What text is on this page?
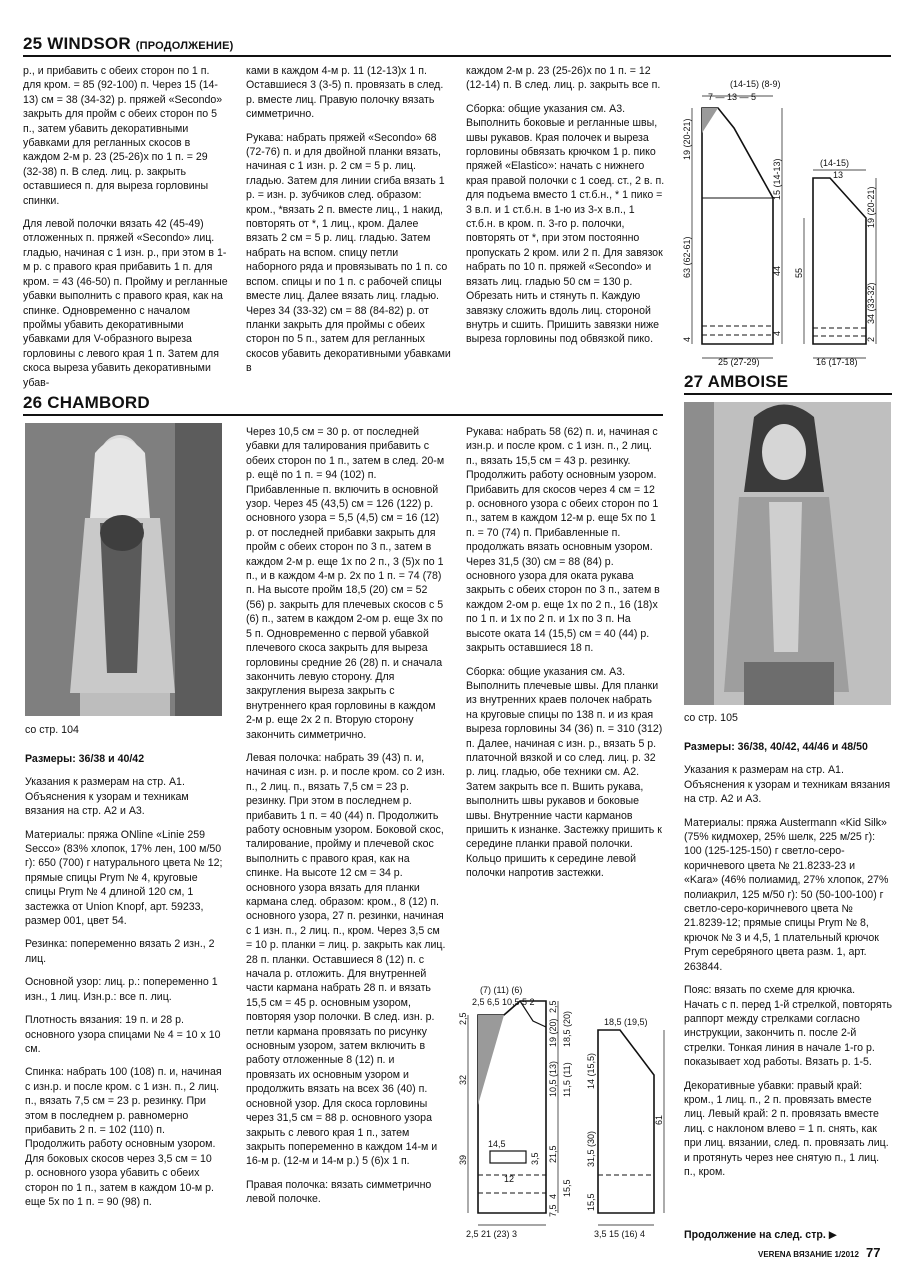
25 WINDSOR (ПРОДОЛЖЕНИЕ)

р., и прибавить с обеих сторон по 1 п. для кром. = 85 (92-100) п. Через 15 (14-13) см = 38 (34-32) р. пряжей «Secondo» закрыть для пройм с обеих сторон по 5 п., затем убавить декоративными убавками для регланных скосов в каждом 2-м р. 23 (25-26)x по 1 п. = 29 (32-38) п. В след. лиц. р. закрыть оставшиеся п. для выреза горловины спинки.

Для левой полочки вязать 42 (45-49) отложенных п. пряжей «Secondo» лиц. гладью, начиная с 1 изн. р., при этом в 1-м р. с правого края прибавить 1 п. для кром. = 43 (46-50) п. Пройму и регланные убавки выполнить с правого края, как на спинке. Одновременно с началом проймы убавить декоративными убавками для V-образного выреза горловины с левого края 1 п. Затем для скоса выреза убавить декоративными убав-

ками в каждом 4-м р. 11 (12-13)x 1 п. Оставшиеся 3 (3-5) п. провязать в след. р. вместе лиц. Правую полочку вязать симметрично.

Рукава: набрать пряжей «Secondo» 68 (72-76) п. и для двойной планки вязать, начиная с 1 изн. р. 2 см = 5 р. лиц. гладью. Затем для линии сгиба вязать 1 р. = изн. р. зубчиков след. образом: кром., *вязать 2 п. вместе лиц., 1 накид, повторять от *, 1 лиц., кром. Далее вязать 2 см = 5 р. лиц. гладью. Затем набрать на вспом. спицу петли наборного ряда и провязывать по 1 п. со вспом. спицы и по 1 п. с рабочей спицы вместе лиц. Далее вязать лиц. гладью. Через 34 (33-32) см = 88 (84-82) р. от планки закрыть для проймы с обеих сторон по 5 п., затем для регланных скосов убавить декоративными убавками в

каждом 2-м р. 23 (25-26)x по 1 п. = 12 (12-14) п. В след. лиц. р. закрыть все п.

Сборка: общие указания см. А3. Выполнить боковые и регланные швы, швы рукавов. Края полочек и выреза горловины обвязать крючком 1 р. пико пряжей «Elastico»: начать с нижнего края правой полочки с 1 соед. ст., 2 в. п. для подъема вместо 1 ст.б.н., * 1 пико = 3 в.п. и 1 ст.б.н. в 1-ю из 3-х в.п., 1 ст.б.н. в кром. п. 3-го р. полочки, повторять от *, при этом постоянно пропускать 2 кром. или 2 п. Для завязок набрать по 10 п. пряжей «Secondo» и вязать лиц. гладью 50 см = 130 р. Обрезать нить и стянуть п. Каждую завязку сложить вдоль лиц. стороной внутрь и сшить. Пришить завязки ниже выреза горловины под обвязкой пико.

(14-15) (8-9)
7 — 13 — 5
(14-15)
13
25 (27-29)	16 (17-18)
63 (62-61)
19 (20-21)
15 (14-13)
44
19 (20-21)
34 (33-32)
55
4
4
2
26 CHAMBORD
27 AMBOISE
со стр. 104

Размеры: 36/38 и 40/42

Указания к размерам на стр. А1. Объяснения к узорам и техникам вязания на стр. А2 и А3.

Материалы: пряжа ONline «Linie 259 Secco» (83% хлопок, 17% лен, 100 м/50 г): 650 (700) г натурального цвета № 12; прямые спицы Prym № 4, круговые спицы Prym № 4 длиной 120 см, 1 застежка от Union Knopf, арт. 59233, размер 001, цвет 54.

Резинка: попеременно вязать 2 изн., 2 лиц.

Основной узор: лиц. р.: попеременно 1 изн., 1 лиц. Изн.р.: все п. лиц.

Плотность вязания: 19 п. и 28 р. основного узора спицами № 4 = 10 x 10 см.

Спинка: набрать 100 (108) п. и, начиная с изн.р. и после кром. с 1 изн. п., 2 лиц. п., вязать 7,5 см = 23 р. резинку. При этом в последнем р. равномерно прибавить 2 п. = 102 (110) п. Продолжить работу основным узором. Для боковых скосов через 3,5 см = 10 р. основного узора убавить с обеих сторон по 1 п., затем в каждом 10-м р. еще 5x по 1 п. = 90 (98) п.

Через 10,5 см = 30 р. от последней убавки для талирования прибавить с обеих сторон по 1 п., затем в след. 20-м р. ещё по 1 п. = 94 (102) п. Прибавленные п. включить в основной узор. Через 45 (43,5) см = 126 (122) р. основного узора = 5,5 (4,5) см = 16 (12) р. от последней прибавки закрыть для пройм с обеих сторон по 3 п., затем в каждом 2-м р. еще 1x по 2 п., 3 (5)x по 1 п., и в каждом 4-м р. 2x по 1 п. = 74 (78) п. На высоте пройм 18,5 (20) см = 52 (56) р. закрыть для плечевых скосов с 5 (6) п., затем в каждом 2-ом р. еще 3x по 5 п. Одновременно с первой убавкой плечевого скоса закрыть для выреза горловины средние 26 (28) п. и сначала закончить левую сторону. Для закругления выреза закрыть с внутреннего края горловины в каждом 2-м р. еще 2x 2 п. Вторую сторону закончить симметрично.

Левая полочка: набрать 39 (43) п. и, начиная с изн. р. и после кром. со 2 изн. п., 2 лиц. п., вязать 7,5 см = 23 р. резинку. При этом в последнем р. прибавить 1 п. = 40 (44) п. Продолжить работу основным узором. Боковой скос, талирование, пройму и плечевой скос выполнить с правого края, как на спинке. На высоте 12 см = 34 р. основного узора вязать для планки кармана след. образом: кром., 8 (12) п. основного узора, 27 п. резинки, начиная с 1 изн. п., 2 лиц. п., кром. Через 3,5 см = 10 р. планки = лиц. р. закрыть как лиц. 28 п. планки. Оставшиеся 8 (12) п. с начала р. отложить. Для внутренней части кармана набрать 28 п. и вязать 15,5 см = 45 р. основным узором, повторяя узор полочки. В след. изн. р. петли кармана провязать по рисунку основным узором, затем включить в работу отложенные 8 (12) п. и провязать их основным узором и продолжить вязать на всех 36 (40) п. основной узор. Для скоса горловины через 31,5 см = 88 р. основного узора закрыть с левого края 1 п., затем закрыть попеременно в каждом 14-м и 16-м р. (12-м и 14-м р.) 5 (6)x 1 п.

Правая полочка: вязать симметрично левой полочке.

Рукава: набрать 58 (62) п. и, начиная с изн.р. и после кром. с 1 изн. п., 2 лиц. п., вязать 15,5 см = 43 р. резинку. Продолжить работу основным узором. Прибавить для скосов через 4 см = 12 р. основного узора с обеих сторон по 1 п., затем в каждом 12-м р. еще 5x по 1 п. = 70 (74) п. Прибавленные п. продолжать вязать основным узором. Через 31,5 (30) см = 88 (84) р. основного узора для оката рукава закрыть с обеих сторон по 3 п., затем в каждом 2-ом р. еще 1x по 2 п., 16 (18)x по 1 п. и 1x по 2 п. и 1x по 3 п. На высоте оката 14 (15,5) см = 40 (44) р. закрыть оставшиеся 18 п.

Сборка: общие указания см. А3. Выполнить плечевые швы. Для планки из внутренних краев полочек набрать на круговые спицы по 138 п. и из края выреза горловины 34 (36) п. = 310 (312) п. Далее, начиная с изн. р., вязать 5 р. платочной вязкой и со след. лиц. р. 32 р. лиц. гладью, обе техники см. А2. Затем закрыть все п. Вшить рукава, выполнить швы рукавов и боковые швы. Внутренние части карманов пришить к изнанке. Застежку пришить к середине планки правой полочки. Кольцо пришить к середине левой полочки напротив застежки.

(7) (11) (6)
2,5 6,5 10,5 5 2
14,5
12
18,5 (19,5)
2,5 21 (23) 3	3,5 15 (16) 4
2,5
32
39	3,5
2,5
19 (20) 18,5 (20)
10,5 (13) 11,5 (11)
21,5
15,5
4
7,5
14 (15,5)
31,5 (30)
61
15,5
со стр. 105

Размеры: 36/38, 40/42, 44/46 и 48/50

Указания к размерам на стр. А1. Объяснения к узорам и техникам вязания на стр. А2 и А3.

Материалы: пряжа Austermann «Kid Silk» (75% кидмохер, 25% шелк, 225 м/25 г): 100 (125-125-150) г светло-серо-коричневого цвета № 21.8233-23 и «Kara» (46% полиамид, 27% хлопок, 27% полиакрил, 125 м/50 г): 50 (50-100-100) г светло-серо-коричневого цвета № 21.8239-12; прямые спицы Prym № 8, крючок № 3 и 4,5, 1 плательный крючок Prym серебряного цвета разм. 1, арт. 263844.

Пояс: вязать по схеме для крючка. Начать с п. перед 1-й стрелкой, повторять раппорт между стрелками согласно инструкции, закончить п. после 2-й стрелки. Тонкая линия в начале 1-го р. показывает ход работы. Вязать р. 1-5.

Декоративные убавки: правый край: кром., 1 лиц. п., 2 п. провязать вместе лиц. Левый край: 2 п. провязать вместе лиц. с наклоном влево = 1 п. снять, как при лиц. вязании, след. п. провязать лиц. и протянуть через нее снятую п., 1 лиц. п., кром.

Продолжение на след. стр. ▶
VERENA ВЯЗАНИЕ 1/2012 77
